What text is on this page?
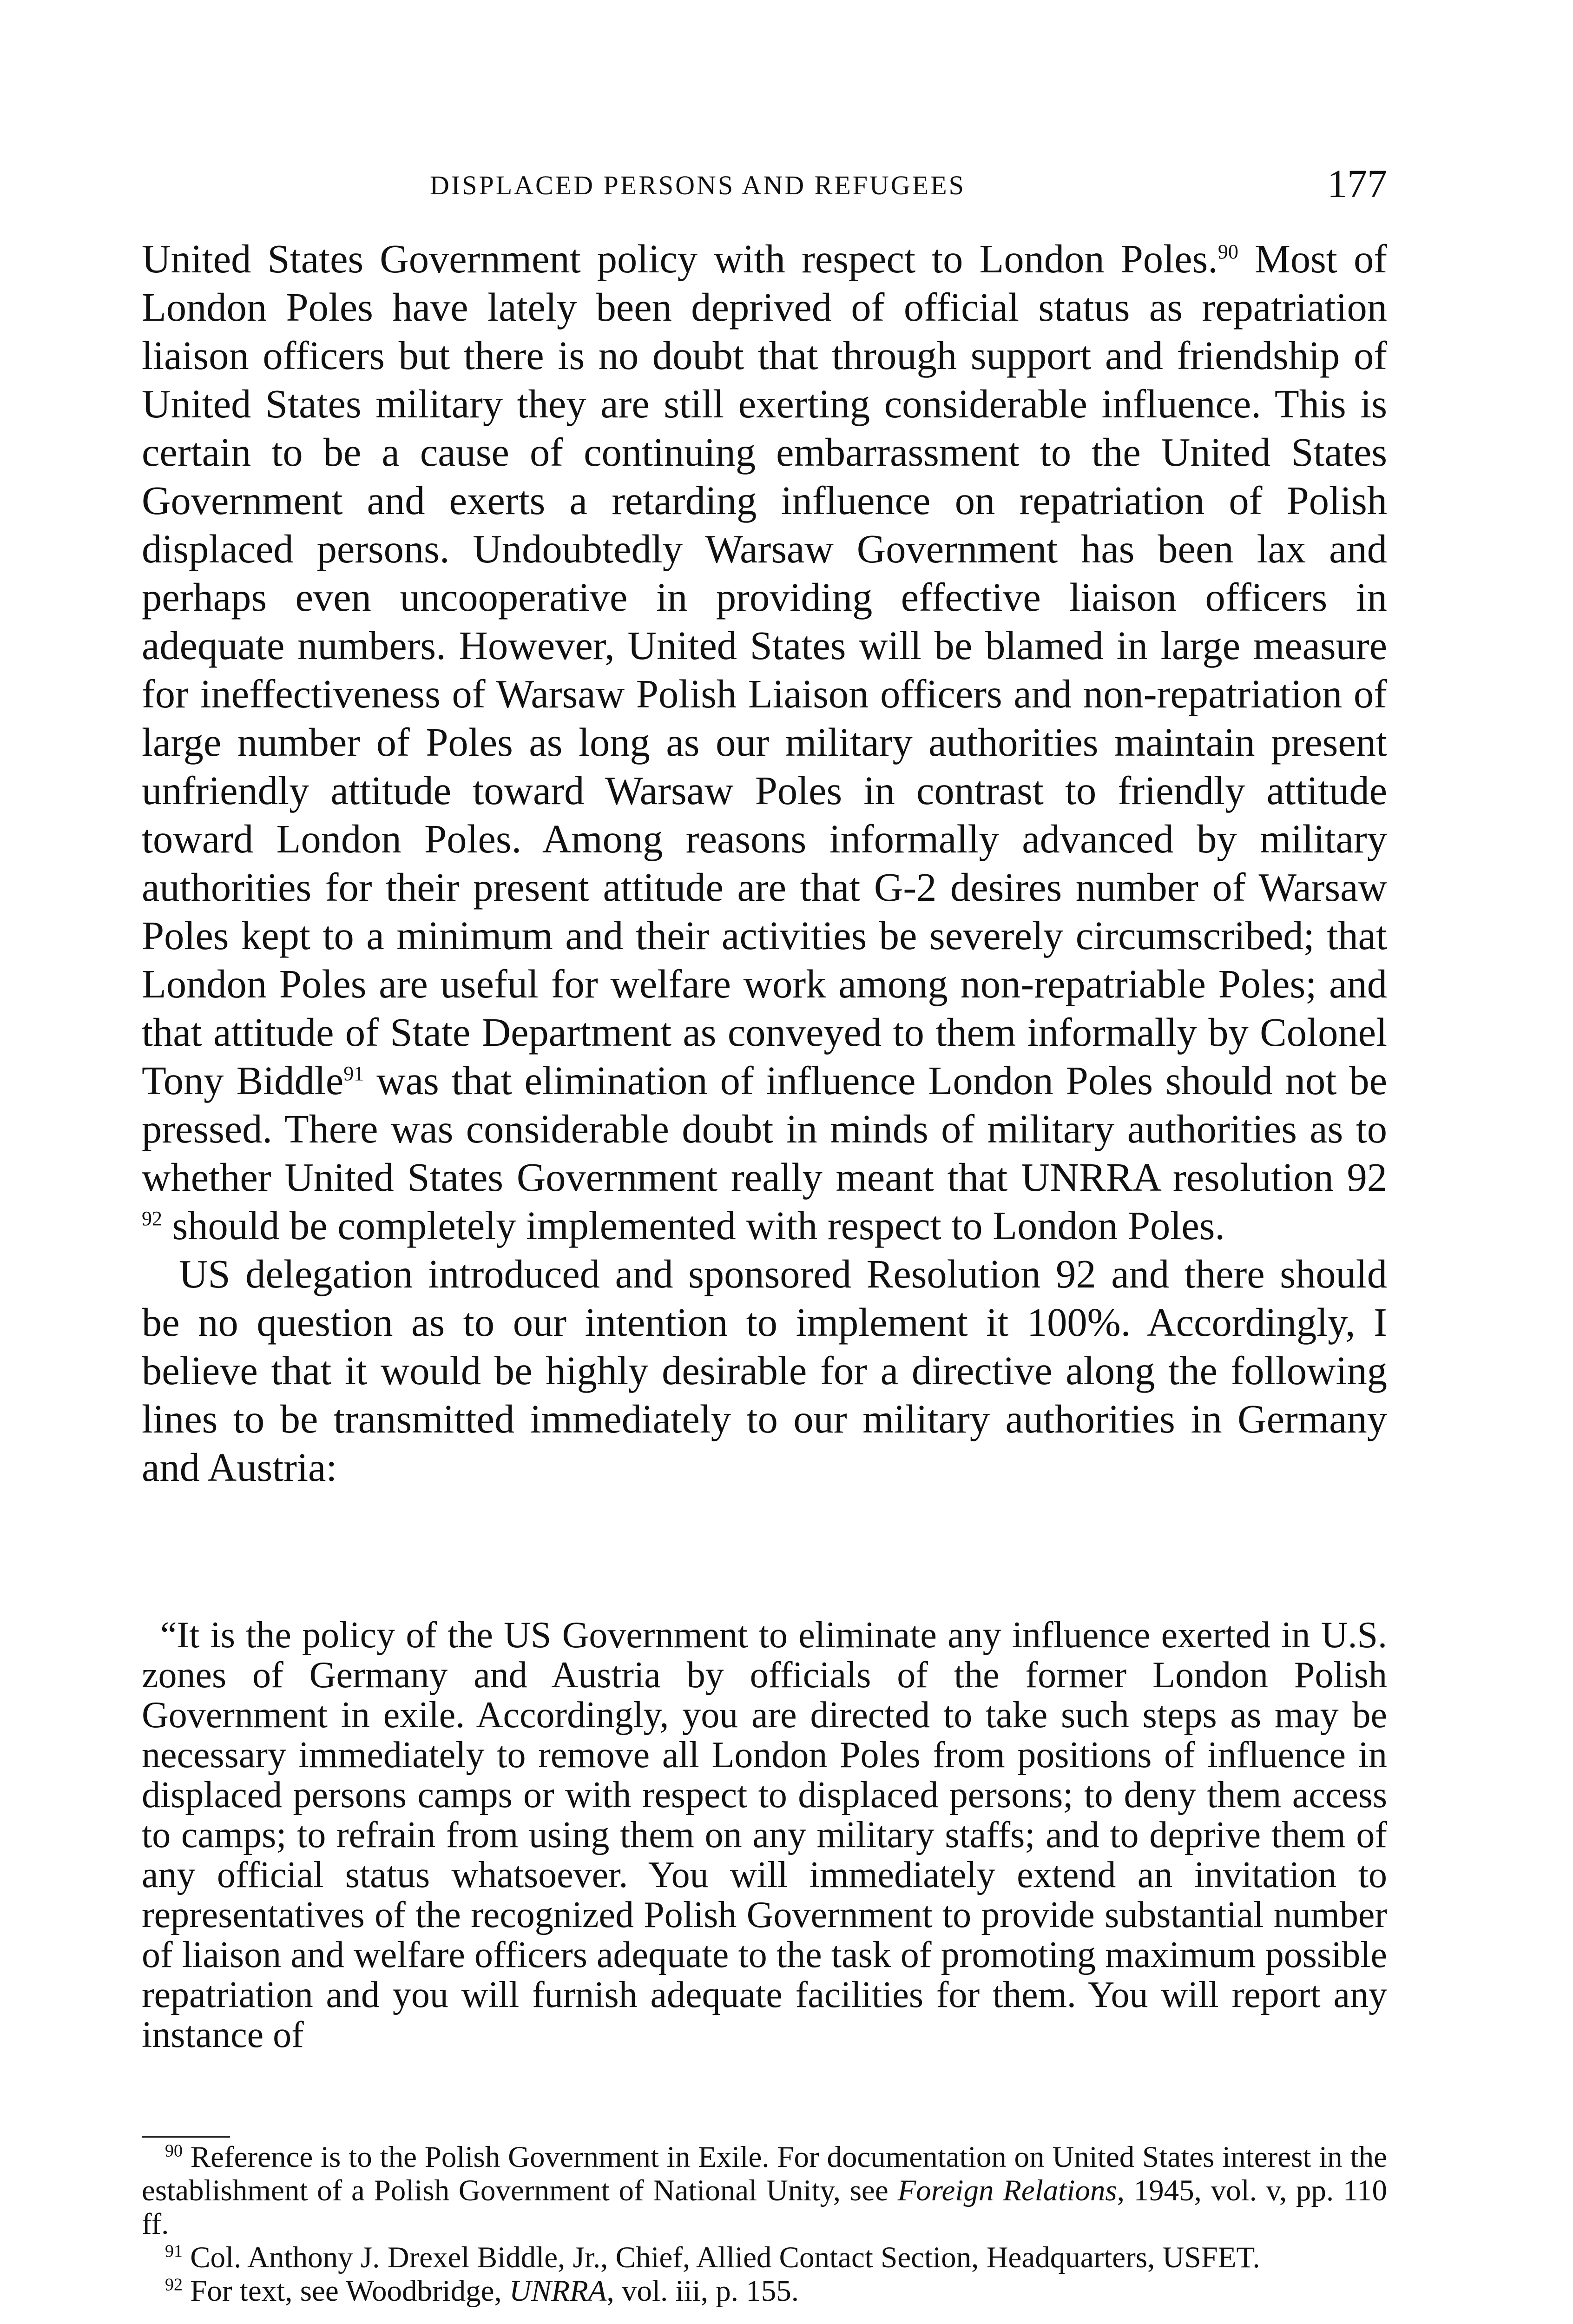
DISPLACED PERSONS AND REFUGEES	177

United States Government policy with respect to London Poles.$^{90}$ Most of London Poles have lately been deprived of official status as repatriation liaison officers but there is no doubt that through support and friendship of United States military they are still exerting considerable influence. This is certain to be a cause of continuing embarrassment to the United States Government and exerts a retarding influence on repatriation of Polish displaced persons. Undoubtedly Warsaw Government has been lax and perhaps even uncooperative in providing effective liaison officers in adequate numbers. However, United States will be blamed in large measure for ineffectiveness of Warsaw Polish Liaison officers and non-repatriation of large number of Poles as long as our military authorities maintain present unfriendly attitude toward Warsaw Poles in contrast to friendly attitude toward London Poles. Among reasons informally advanced by military authorities for their present attitude are that G-2 desires number of Warsaw Poles kept to a minimum and their activities be severely circumscribed; that London Poles are useful for welfare work among non-repatriable Poles; and that attitude of State Department as conveyed to them informally by Colonel Tony Biddle$^{91}$ was that elimination of influence London Poles should not be pressed. There was considerable doubt in minds of military authorities as to whether United States Government really meant that UNRRA resolution 92 $^{92}$ should be completely implemented with respect to London Poles.

US delegation introduced and sponsored Resolution 92 and there should be no question as to our intention to implement it 100%. Accordingly, I believe that it would be highly desirable for a directive along the following lines to be transmitted immediately to our military authorities in Germany and Austria:

“It is the policy of the US Government to eliminate any influence exerted in U.S. zones of Germany and Austria by officials of the former London Polish Government in exile. Accordingly, you are directed to take such steps as may be necessary immediately to remove all London Poles from positions of influence in displaced persons camps or with respect to displaced persons; to deny them access to camps; to refrain from using them on any military staffs; and to deprive them of any official status whatsoever. You will immediately extend an invitation to representatives of the recognized Polish Government to provide substantial number of liaison and welfare officers adequate to the task of promoting maximum possible repatriation and you will furnish adequate facilities for them. You will report any instance of

$^{90}$ Reference is to the Polish Government in Exile. For documentation on United States interest in the establishment of a Polish Government of National Unity, see Foreign Relations, 1945, vol. v, pp. 110 ff.

$^{91}$ Col. Anthony J. Drexel Biddle, Jr., Chief, Allied Contact Section, Headquarters, USFET.

$^{92}$ For text, see Woodbridge, UNRRA, vol. iii, p. 155.
